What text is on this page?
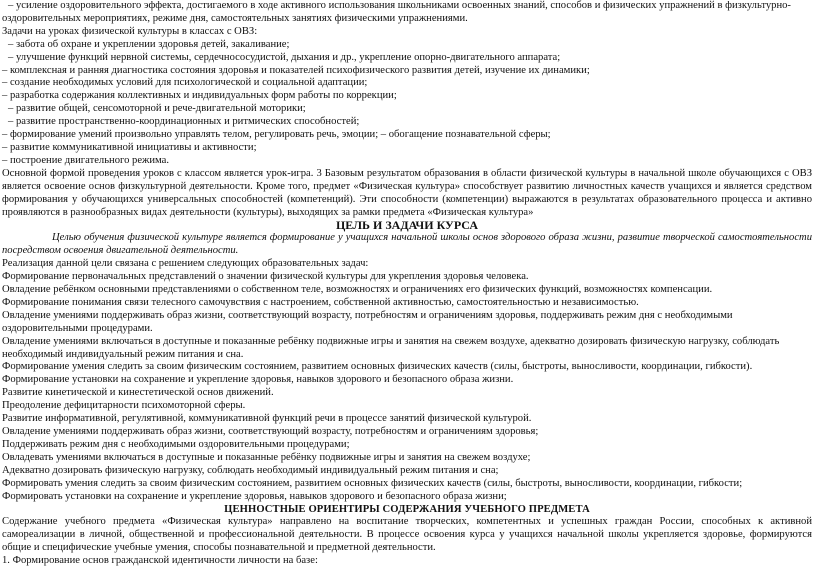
– усиление оздоровительного эффекта, достигаемого в ходе активного использования школьниками освоенных знаний, способов и физических упражнений в физкультурно-оздоровительных мероприятиях, режиме дня, самостоятельных занятиях физическими упражнениями.

Задачи на уроках физической культуры в классах с ОВЗ:

– забота об охране и укреплении здоровья детей, закаливание;

– улучшение функций нервной системы, сердечнососудистой, дыхания и др., укрепление опорно-двигательного аппарата;

– комплексная и ранняя диагностика состояния здоровья и показателей психофизического развития детей, изучение их динамики;

– создание необходимых условий для психологической и социальной адаптации;

– разработка содержания коллективных и индивидуальных форм работы по коррекции;

– развитие общей, сенсомоторной и рече-двигательной моторики;

– развитие пространственно-координационных и ритмических способностей;

– формирование умений произвольно управлять телом, регулировать речь, эмоции; – обогащение познавательной сферы;

– развитие коммуникативной инициативы и активности;

– построение двигательного режима.

Основной формой проведения уроков с классом является урок-игра. 3 Базовым результатом образования в области физической культуры в начальной школе обучающихся с ОВЗ является освоение основ физкультурной деятельности. Кроме того, предмет «Физическая культура» способствует развитию личностных качеств учащихся и является средством формирования у обучающихся универсальных способностей (компетенций). Эти способности (компетенции) выражаются в результатах образовательного процесса и активно проявляются в разнообразных видах деятельности (культуры), выходящих за рамки предмета «Физическая культура»

ЦЕЛЬ И ЗАДАЧИ КУРСА

Целью обучения физической культуре является формирование у учащихся начальной школы основ здорового образа жизни, развитие творческой самостоятельности посредством освоения двигательной деятельности.

Реализация данной цели связана с решением следующих образовательных задач:

Формирование первоначальных представлений о значении физической культуры для укрепления здоровья человека.

Овладение ребёнком основными представлениями о собственном теле, возможностях и ограничениях его физических функций, возможностях компенсации.

Формирование понимания связи телесного самочувствия с настроением, собственной активностью, самостоятельностью и независимостью.

Овладение умениями поддерживать образ жизни, соответствующий возрасту, потребностям и ограничениям здоровья, поддерживать режим дня с необходимыми оздоровительными процедурами.

Овладение умениями включаться в доступные и показанные ребёнку подвижные игры и занятия на свежем воздухе, адекватно дозировать физическую нагрузку, соблюдать необходимый индивидуальный режим питания и сна.

Формирование умения следить за своим физическим состоянием, развитием основных физических качеств (силы, быстроты, выносливости, координации, гибкости).

Формирование установки на сохранение и укрепление здоровья, навыков здорового и безопасного образа жизни.

Развитие кинетической и кинестетической основ движений.

Преодоление дефицитарности психомоторной сферы.

Развитие информативной, регулятивной, коммуникативной функций речи в процессе занятий физической культурой.

Овладение умениями поддерживать образ жизни, соответствующий возрасту, потребностям и ограничениям здоровья;

Поддерживать режим дня с необходимыми оздоровительными процедурами;

Овладевать умениями включаться в доступные и показанные ребёнку подвижные игры и занятия на свежем воздухе;

Адекватно дозировать физическую нагрузку, соблюдать необходимый индивидуальный режим питания и сна;

Формировать умения следить за своим физическим состоянием, развитием основных физических качеств (силы, быстроты, выносливости, координации, гибкости;

Формировать установки на сохранение и укрепление здоровья, навыков здорового и безопасного образа жизни;

ЦЕННОСТНЫЕ ОРИЕНТИРЫ СОДЕРЖАНИЯ УЧЕБНОГО ПРЕДМЕТА

Содержание учебного предмета «Физическая культура» направлено на воспитание творческих, компетентных и успешных граждан России, способных к активной самореализации в личной, общественной и профессиональной деятельности. В процессе освоения курса у учащихся начальной школы укрепляется здоровье, формируются общие и специфические учебные умения, способы познавательной и предметной деятельности.

1. Формирование основ гражданской идентичности личности на базе:
